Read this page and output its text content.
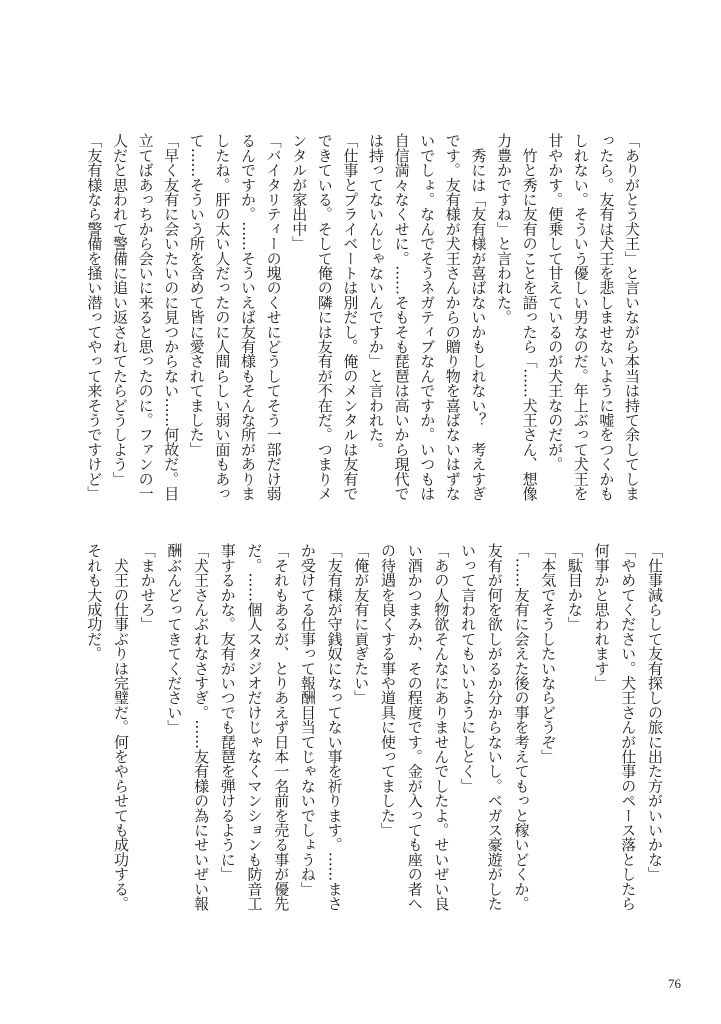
「ありがとう犬王」と言いながら本当は持て余してしま
ったら。友有は犬王を悲しませないように嘘をつくかも
しれない。そういう優しい男なのだ。年上ぶって犬王を
甘やかす。便乗して甘えているのが犬王なのだが。
　竹と秀に友有のことを語ったら「……犬王さん、想像
力豊かですね」と言われた。
　秀には「友有様が喜ばないかもしれない？　考えすぎ
です。友有様が犬王さんからの贈り物を喜ばないはずな
いでしょ。なんでそうネガティブなんですか。いつもは
自信満々なくせに。……そもそも琵琶は高いから現代で
は持ってないんじゃないんですか」と言われた。
「仕事とプライベートは別だし。俺のメンタルは友有で
できている。そして俺の隣には友有が不在だ。つまりメ
ンタルが家出中」
「バイタリティーの塊のくせにどうしてそう一部だけ弱
るんですか。……そういえば友有様もそんな所がありま
したね。肝の太い人だったのに人間らしい弱い面もあっ
て……そういう所を含めて皆に愛されてました」
「早く友有に会いたいのに見つからない……何故だ。目
立てばあっちから会いに来ると思ったのに。ファンの一
人だと思われて警備に追い返されてたらどうしよう」
「友有様なら警備を掻い潜ってやって来そうですけど」
「仕事減らして友有探しの旅に出た方がいいかな」
「やめてください。犬王さんが仕事のペース落としたら
何事かと思われます」
「駄目かな」
「本気でそうしたいならどうぞ」
「……友有に会えた後の事を考えてもっと稼いどくか。
友有が何を欲しがるか分からないし。ベガス豪遊がした
いって言われてもいいようにしとく」
「あの人物欲そんなにありませんでしたよ。せいぜい良
い酒かつまみか、その程度です。金が入っても座の者へ
の待遇を良くする事や道具に使ってました」
「俺が友有に貢ぎたい」
「友有様が守銭奴になってない事を祈ります。……まさ
か受けてる仕事って報酬目当てじゃないでしょうね」
「それもあるが、とりあえず日本一名前を売る事が優先
だ。……個人スタジオだけじゃなくマンションも防音工
事するかな。友有がいつでも琵琶を弾けるように」
「犬王さんぶれなさすぎ。……友有様の為にせいぜい報
酬ぶんどってきてください」
「まかせろ」
　犬王の仕事ぶりは完璧だ。何をやらせても成功する。
それも大成功だ。
76
